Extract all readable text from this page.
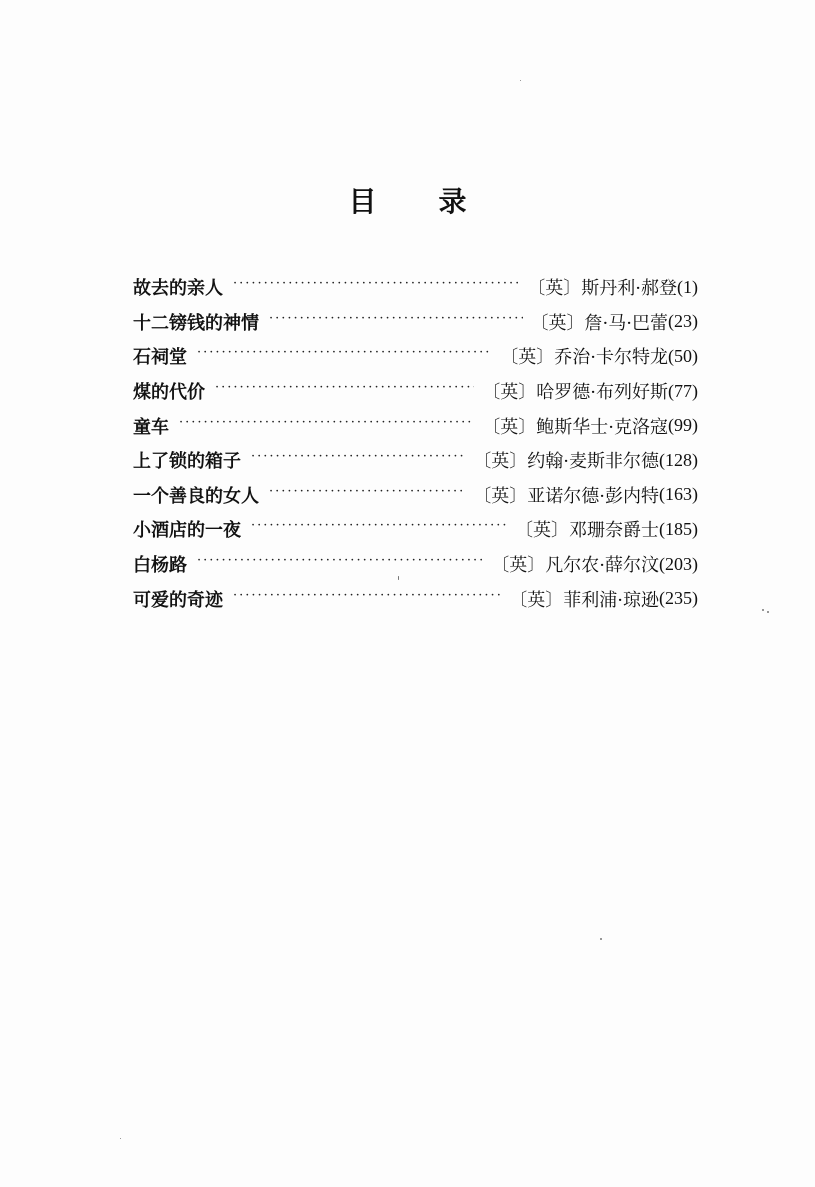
目 录
故去的亲人 ·····	〔英〕斯丹利·郝登 (1)
十二镑钱的神情 ·····	〔英〕詹·马·巴蕾 (23)
石祠堂 ·····	〔英〕乔治·卡尔特龙 (50)
煤的代价 ·····	〔英〕哈罗德·布列好斯 (77)
童车 ·····	〔英〕鲍斯华士·克洛寇 (99)
上了锁的箱子 ·····	〔英〕约翰·麦斯非尔德 (128)
一个善良的女人 ·····	〔英〕亚诺尔德·彭内特 (163)
小酒店的一夜 ·····	〔英〕邓珊奈爵士 (185)
白杨路 ·····	〔英〕凡尔农·薛尔汶 (203)
可爱的奇迹 ·····	〔英〕菲利浦·琼逊 (235)
